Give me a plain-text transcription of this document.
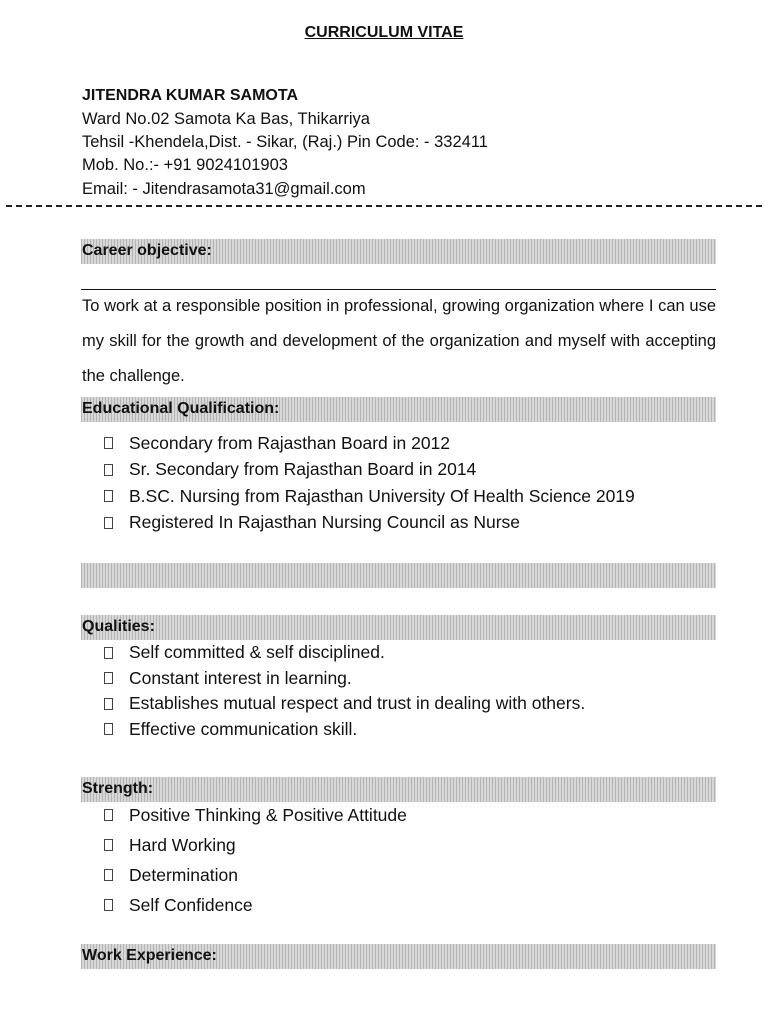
CURRICULUM VITAE
JITENDRA KUMAR SAMOTA
Ward No.02 Samota Ka Bas, Thikarriya
Tehsil -Khendela,Dist. - Sikar, (Raj.) Pin Code: - 332411
Mob. No.:- +91 9024101903
Email: - Jitendrasamota31@gmail.com
Career objective:
To work at a responsible position in professional, growing organization where I can use my skill for the growth and development of the organization and myself with accepting the challenge.
Educational Qualification:
Secondary from Rajasthan Board in 2012
Sr. Secondary from Rajasthan Board in 2014
B.SC. Nursing from Rajasthan University Of Health Science 2019
Registered In Rajasthan Nursing Council as Nurse
Qualities:
Self committed & self disciplined.
Constant interest in learning.
Establishes mutual respect and trust in dealing with others.
Effective communication skill.
Strength:
Positive Thinking & Positive Attitude
Hard Working
Determination
Self Confidence
Work Experience:
